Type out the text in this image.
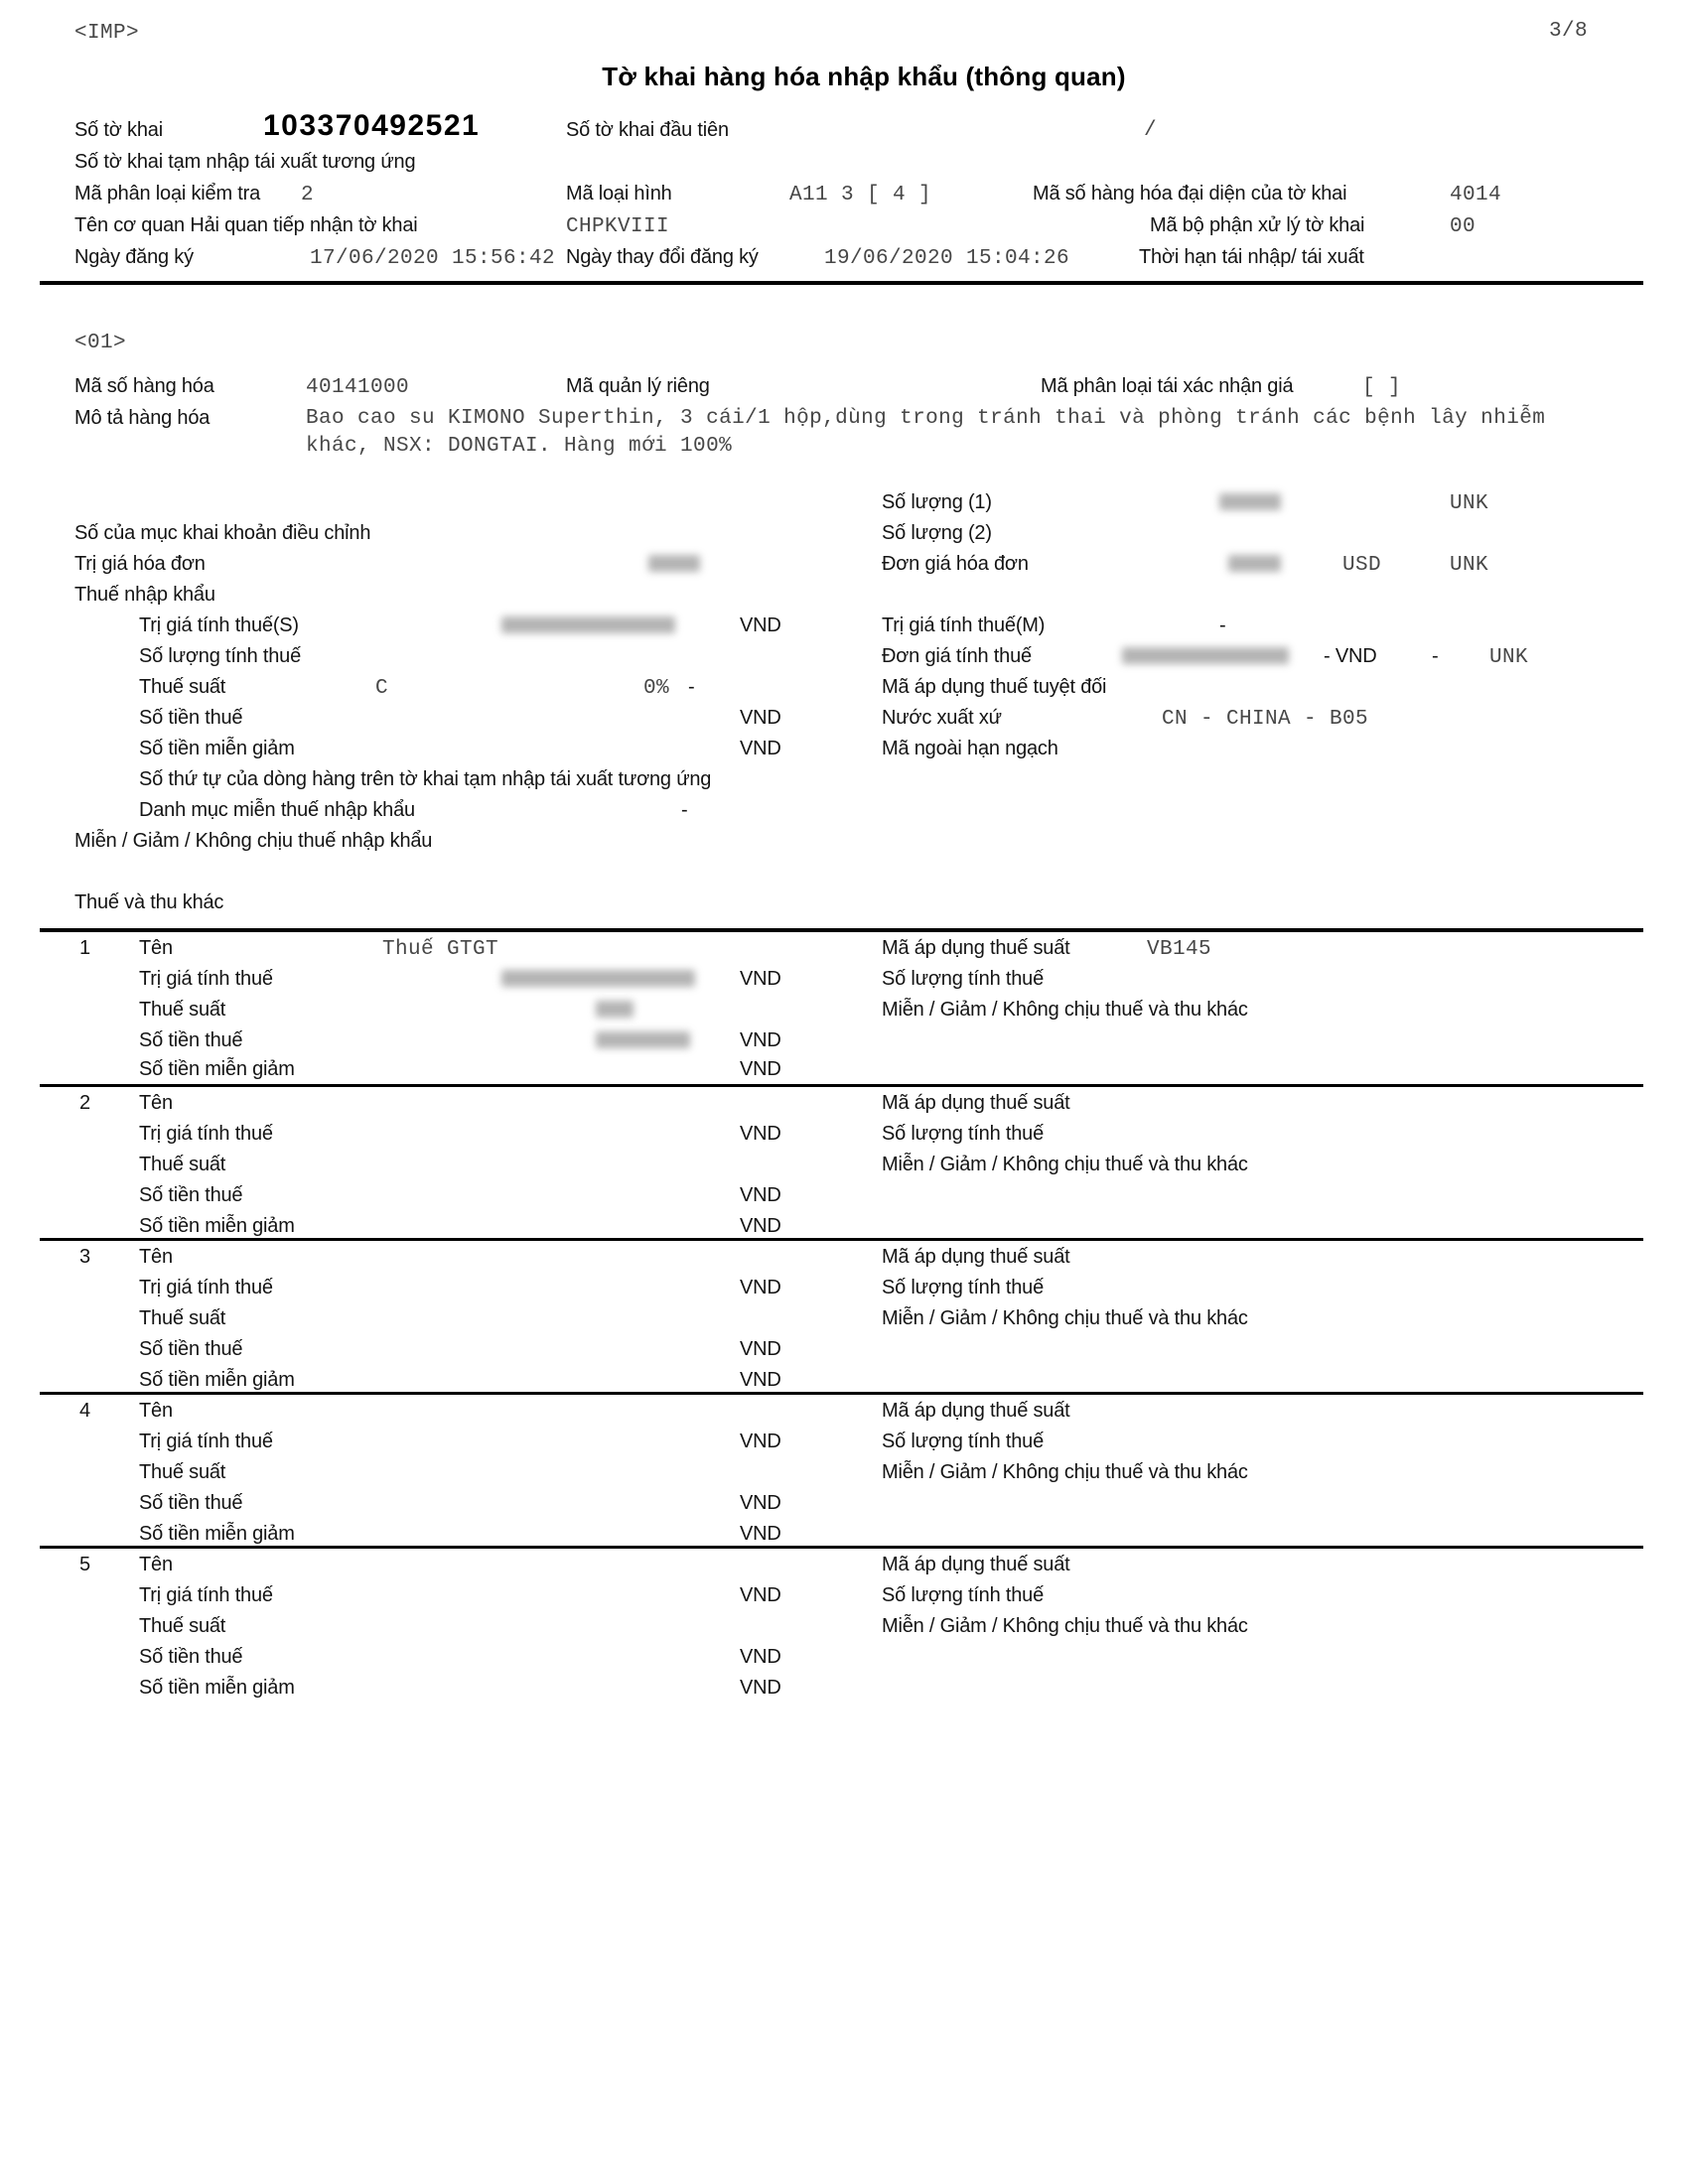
<IMP>	3/8
Tờ khai hàng hóa nhập khẩu (thông quan)
Số tờ khai	103370492521	Số tờ khai đầu tiên	/
Số tờ khai tạm nhập tái xuất tương ứng
Mã phân loại kiểm tra 2	Mã loại hình	A11 3 [ 4 ]	Mã số hàng hóa đại diện của tờ khai	4014
Tên cơ quan Hải quan tiếp nhận tờ khai	CHPKVIII	Mã bộ phận xử lý tờ khai	00
Ngày đăng ký	17/06/2020 15:56:42 Ngày thay đổi đăng ký	19/06/2020 15:04:26	Thời hạn tái nhập/ tái xuất
<01>
Mã số hàng hóa	40141000	Mã quản lý riêng	Mã phân loại tái xác nhận giá	[ ]
Mô tả hàng hóa	Bao cao su KIMONO Superthin, 3 cái/1 hộp,dùng trong tránh thai và phòng tránh các bệnh lây nhiễm
khác, NSX: DONGTAI. Hàng mới 100%
Số lượng (1)	UNK
Số của mục khai khoản điều chỉnh	Số lượng (2)
Trị giá hóa đơn	Đơn giá hóa đơn	USD	UNK
Thuế nhập khẩu
Trị giá tính thuế(S)	VND	Trị giá tính thuế(M)	-
Số lượng tính thuế	Đơn giá tính thuế	- VND	- UNK
Thuế suất	C	0% -	Mã áp dụng thuế tuyệt đối
Số tiền thuế	VND	Nước xuất xứ	CN - CHINA - B05
Số tiền miễn giảm	VND	Mã ngoài hạn ngạch
Số thứ tự của dòng hàng trên tờ khai tạm nhập tái xuất tương ứng
Danh mục miễn thuế nhập khẩu	-
Miễn / Giảm / Không chịu thuế nhập khẩu
Thuế và thu khác
1 Tên	Thuế GTGT	Mã áp dụng thuế suất	VB145
Trị giá tính thuế	VND	Số lượng tính thuế
Thuế suất	Miễn / Giảm / Không chịu thuế và thu khác
Số tiền thuế	VND
Số tiền miễn giảm	VND
2 Tên	Mã áp dụng thuế suất
Trị giá tính thuế	VND	Số lượng tính thuế
Thuế suất	Miễn / Giảm / Không chịu thuế và thu khác
Số tiền thuế	VND
Số tiền miễn giảm	VND
3 Tên	Mã áp dụng thuế suất
Trị giá tính thuế	VND	Số lượng tính thuế
Thuế suất	Miễn / Giảm / Không chịu thuế và thu khác
Số tiền thuế	VND
Số tiền miễn giảm	VND
4 Tên	Mã áp dụng thuế suất
Trị giá tính thuế	VND	Số lượng tính thuế
Thuế suất	Miễn / Giảm / Không chịu thuế và thu khác
Số tiền thuế	VND
Số tiền miễn giảm	VND
5 Tên	Mã áp dụng thuế suất
Trị giá tính thuế	VND	Số lượng tính thuế
Thuế suất	Miễn / Giảm / Không chịu thuế và thu khác
Số tiền thuế	VND
Số tiền miễn giảm	VND
